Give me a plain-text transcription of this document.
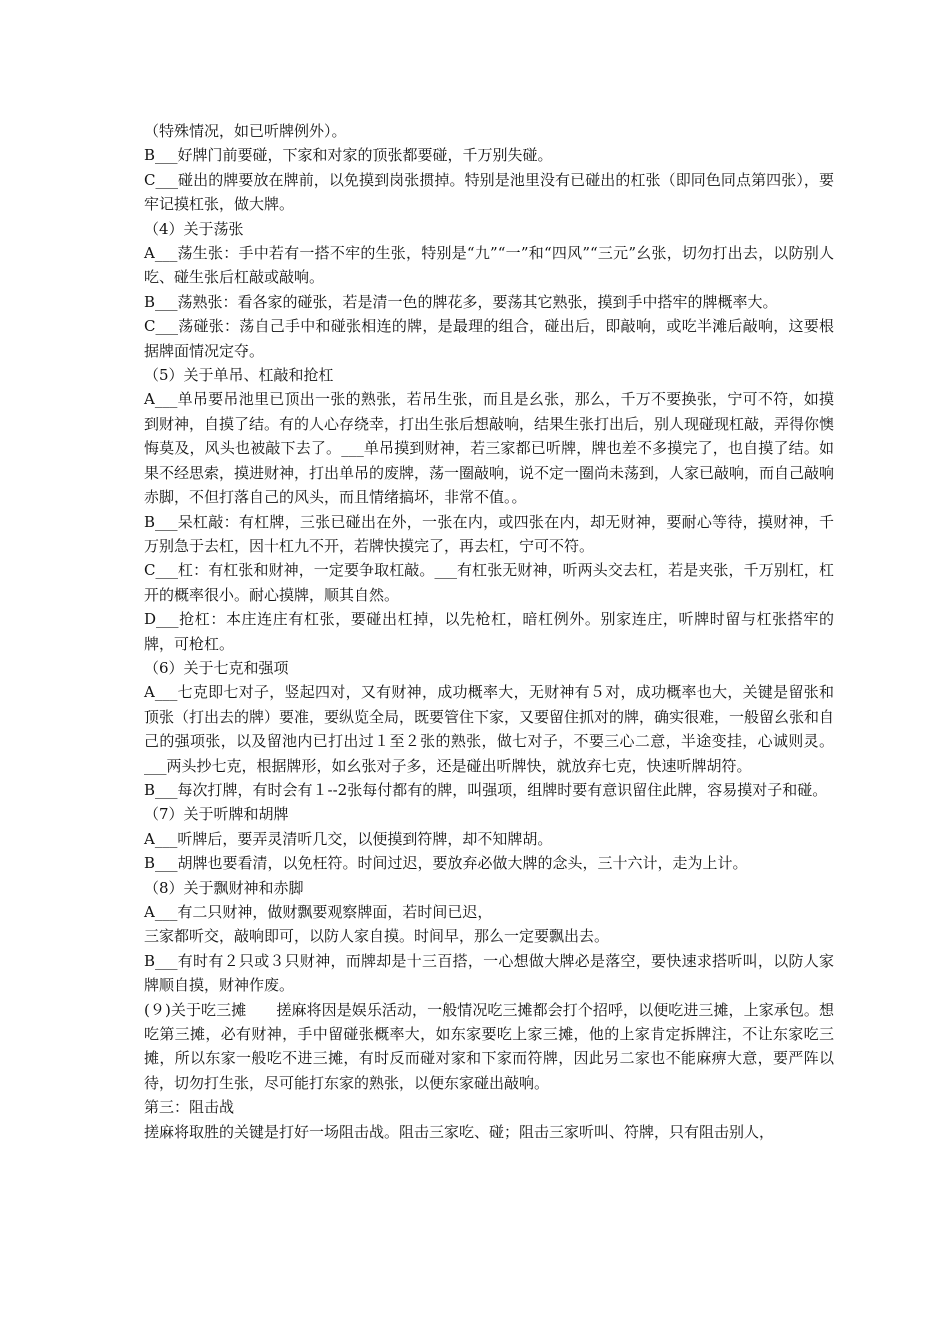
（特殊情况，如已听牌例外）。

B___好牌门前要碰，下家和对家的顶张都要碰，千万别失碰。

C___碰出的牌要放在牌前，以免摸到岗张掼掉。特别是池里没有已碰出的杠张（即同色同点第四张），要牢记摸杠张，做大牌。

（4）关于荡张

A___荡生张：手中若有一搭不牢的生张，特别是“九”“一”和“四风”“三元”幺张，切勿打出去，以防别人吃、碰生张后杠敲或敲响。

B___荡熟张：看各家的碰张，若是清一色的牌花多，要荡其它熟张，摸到手中搭牢的牌概率大。

C___荡碰张：荡自己手中和碰张相连的牌，是最理的组合，碰出后，即敲响，或吃半滩后敲响，这要根据牌面情况定夺。

（5）关于单吊、杠敲和抢杠

A___单吊要吊池里已顶出一张的熟张，若吊生张，而且是幺张，那么，千万不要换张，宁可不符，如摸到财神，自摸了结。有的人心存绕幸，打出生张后想敲响，结果生张打出后，别人现碰现杠敲，弄得你懊悔莫及，风头也被敲下去了。___单吊摸到财神，若三家都已听牌，牌也差不多摸完了，也自摸了结。如果不经思索，摸进财神，打出单吊的废牌，荡一圈敲响，说不定一圈尚未荡到，人家已敲响，而自己敲响赤脚，不但打落自己的风头，而且情绪搞坏，非常不值。。

B___呆杠敲：有杠牌，三张已碰出在外，一张在内，或四张在内，却无财神，要耐心等待，摸财神，千万别急于去杠，因十杠九不开，若牌快摸完了，再去杠，宁可不符。

C___杠：有杠张和财神，一定要争取杠敲。___有杠张无财神，听两头交去杠，若是夹张，千万别杠，杠开的概率很小。耐心摸牌，顺其自然。

D___抢杠：本庄连庄有杠张，要碰出杠掉，以先枪杠，暗杠例外。别家连庄，听牌时留与杠张搭牢的牌，可枪杠。

（6）关于七克和强项

A___七克即七对子，竖起四对，又有财神，成功概率大，无财神有５对，成功概率也大，关键是留张和顶张（打出去的牌）要准，要纵览全局，既要管住下家，又要留住抓对的牌，确实很难，一般留幺张和自己的强项张，以及留池内已打出过１至２张的熟张，做七对子，不要三心二意，半途变挂，心诚则灵。___两头抄七克，根据牌形，如幺张对子多，还是碰出听牌快，就放弃七克，快速听牌胡符。

B___每次打牌，有时会有１--2张每付都有的牌，叫强项，组牌时要有意识留住此牌，容易摸对子和碰。

（7）关于听牌和胡牌

A___听牌后，要弄灵清听几交，以便摸到符牌，却不知牌胡。

B___胡牌也要看清，以免枉符。时间过迟，要放弃必做大牌的念头，三十六计，走为上计。

（8）关于飘财神和赤脚

A___有二只财神，做财飘要观察牌面，若时间已迟，

三家都听交，敲响即可，以防人家自摸。时间早，那么一定要飘出去。

B___有时有２只或３只财神，而牌却是十三百搭，一心想做大牌必是落空，要快速求搭听叫，以防人家牌顺自摸，财神作废。

(９)关于吃三摊　　搓麻将因是娱乐活动，一般情况吃三摊都会打个招呼，以便吃进三摊，上家承包。想吃第三摊，必有财神，手中留碰张概率大，如东家要吃上家三摊，他的上家肯定拆牌注，不让东家吃三摊，所以东家一般吃不进三摊，有时反而碰对家和下家而符牌，因此另二家也不能麻痹大意，要严阵以待，切勿打生张，尽可能打东家的熟张，以便东家碰出敲响。

第三：阻击战

搓麻将取胜的关键是打好一场阻击战。阻击三家吃、碰；阻击三家听叫、符牌，只有阻击别人，
